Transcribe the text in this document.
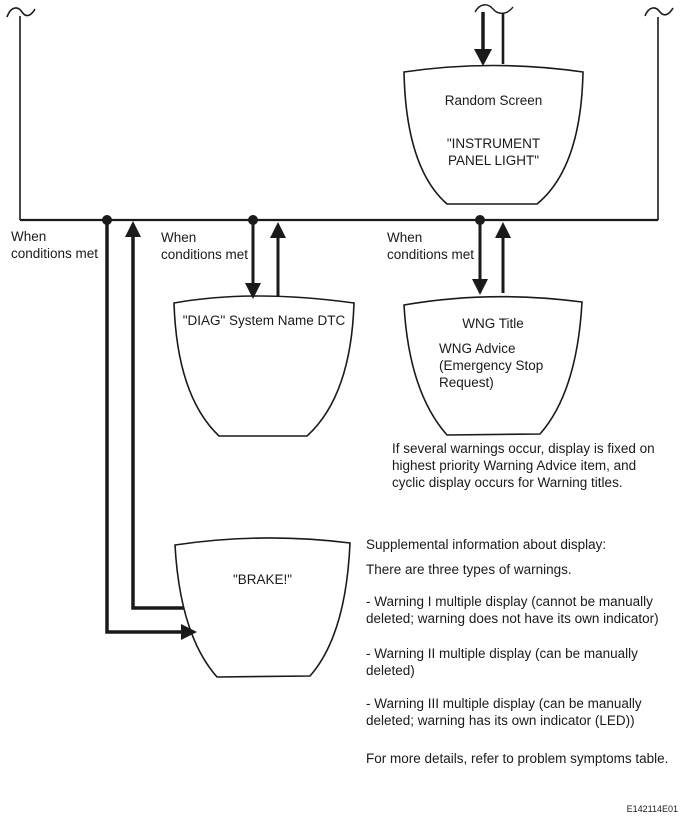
Random Screen
"INSTRUMENT
PANEL LIGHT"
When
conditions met
When
conditions met
When
conditions met
"DIAG" System Name DTC	WNG Title
WNG Advice
(Emergency Stop
Request)
If several warnings occur, display is fixed on
highest priority Warning Advice item, and
cyclic display occurs for Warning titles.
"BRAKE!"
Supplemental information about display:
There are three types of warnings.
- Warning I multiple display (cannot be manually
deleted; warning does not have its own indicator)
- Warning II multiple display (can be manually
deleted)
- Warning III multiple display (can be manually
deleted; warning has its own indicator (LED))
For more details, refer to problem symptoms table.
E142114E01
